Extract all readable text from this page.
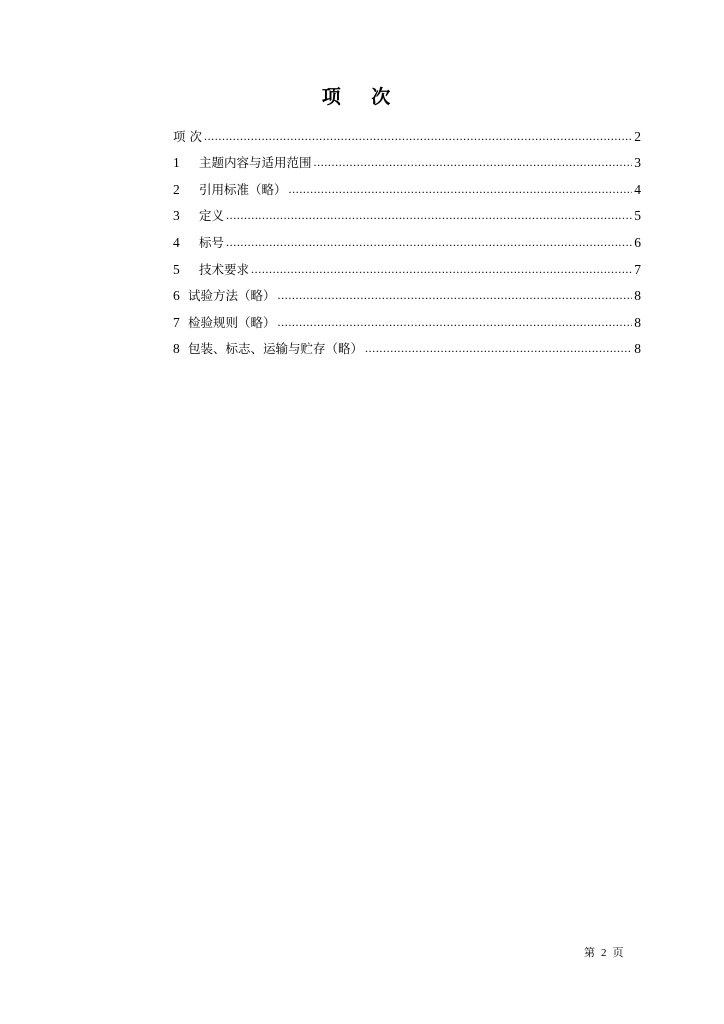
项 次
项 次 .....	2
1	主题内容与适用范围 .....	3
2	引用标准（略） .....	4
3	定义 .....	5
4	标号 .....	6
5	技术要求 .....	7
6 试验方法（略） .....	8
7 检验规则（略） .....	8
8 包装、标志、运输与贮存（略） .....	8
第 2 页
